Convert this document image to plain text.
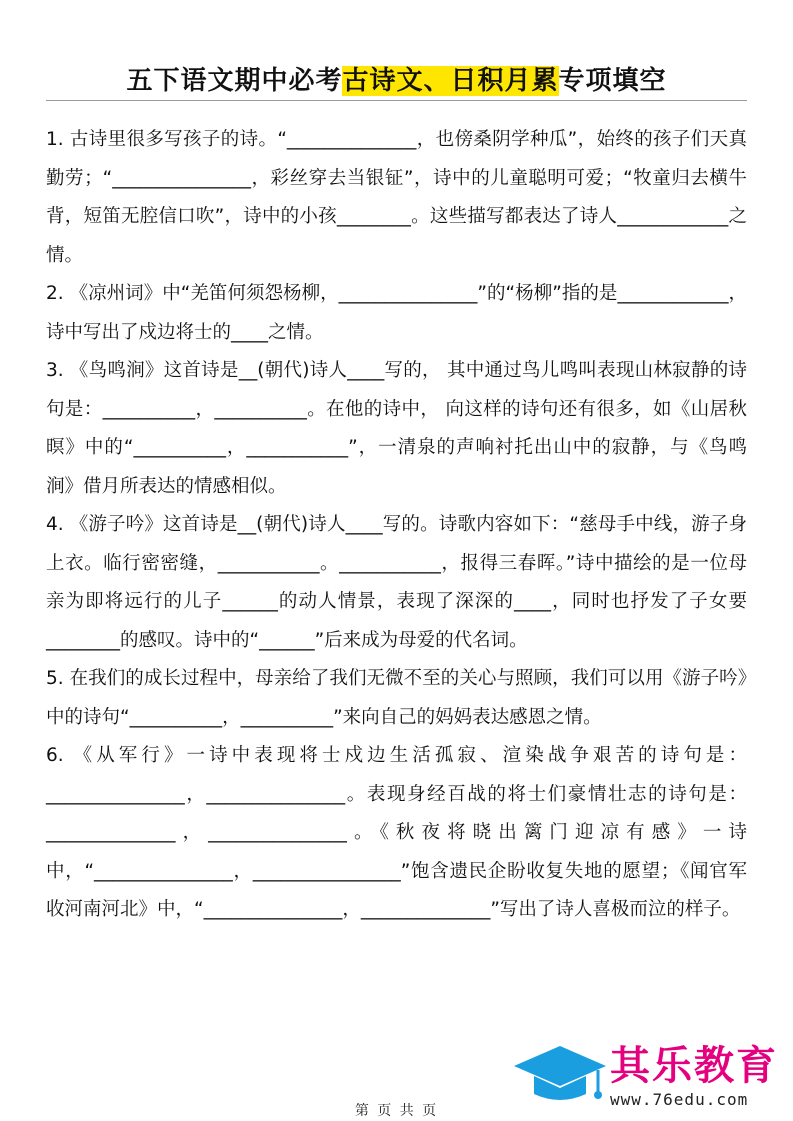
五下语文期中必考古诗文、日积月累专项填空

1. 古诗里很多写孩子的诗。“______________，也傍桑阴学种瓜”，始终的孩子们天真勤劳；“_______________，彩丝穿去当银钲”，诗中的儿童聪明可爱；“牧童归去横牛背，短笛无腔信口吹”，诗中的小孩________。这些描写都表达了诗人____________之情。

2. 《凉州词》中“羌笛何须怨杨柳，_______________”的“杨柳”指的是____________，诗中写出了戍边将士的____之情。

3. 《鸟鸣涧》这首诗是__(朝代)诗人____写的， 其中通过鸟儿鸣叫表现山林寂静的诗句是：__________，__________。在他的诗中， 向这样的诗句还有很多，如《山居秋暝》中的“__________，___________”，一清泉的声响衬托出山中的寂静，与《鸟鸣涧》借月所表达的情感相似。

4. 《游子吟》这首诗是__(朝代)诗人____写的。诗歌内容如下：“慈母手中线，游子身上衣。临行密密缝，___________。___________，报得三春晖。”诗中描绘的是一位母亲为即将远行的儿子______的动人情景，表现了深深的____，同时也抒发了子女要________的感叹。诗中的“______”后来成为母爱的代名词。

5. 在我们的成长过程中，母亲给了我们无微不至的关心与照顾，我们可以用《游子吟》中的诗句“__________，__________”来向自己的妈妈表达感恩之情。

6. 《从军行》一诗中表现将士戍边生活孤寂、渲染战争艰苦的诗句是：_______________，_______________。表现身经百战的将士们豪情壮志的诗句是：______________，_______________。《秋夜将晓出篱门迎凉有感》一诗中，“_______________，________________”饱含遗民企盼收复失地的愿望；《闻官军收河南河北》中，“_______________，______________”写出了诗人喜极而泣的样子。

其乐教育
www.76edu.com
第 页 共 页
